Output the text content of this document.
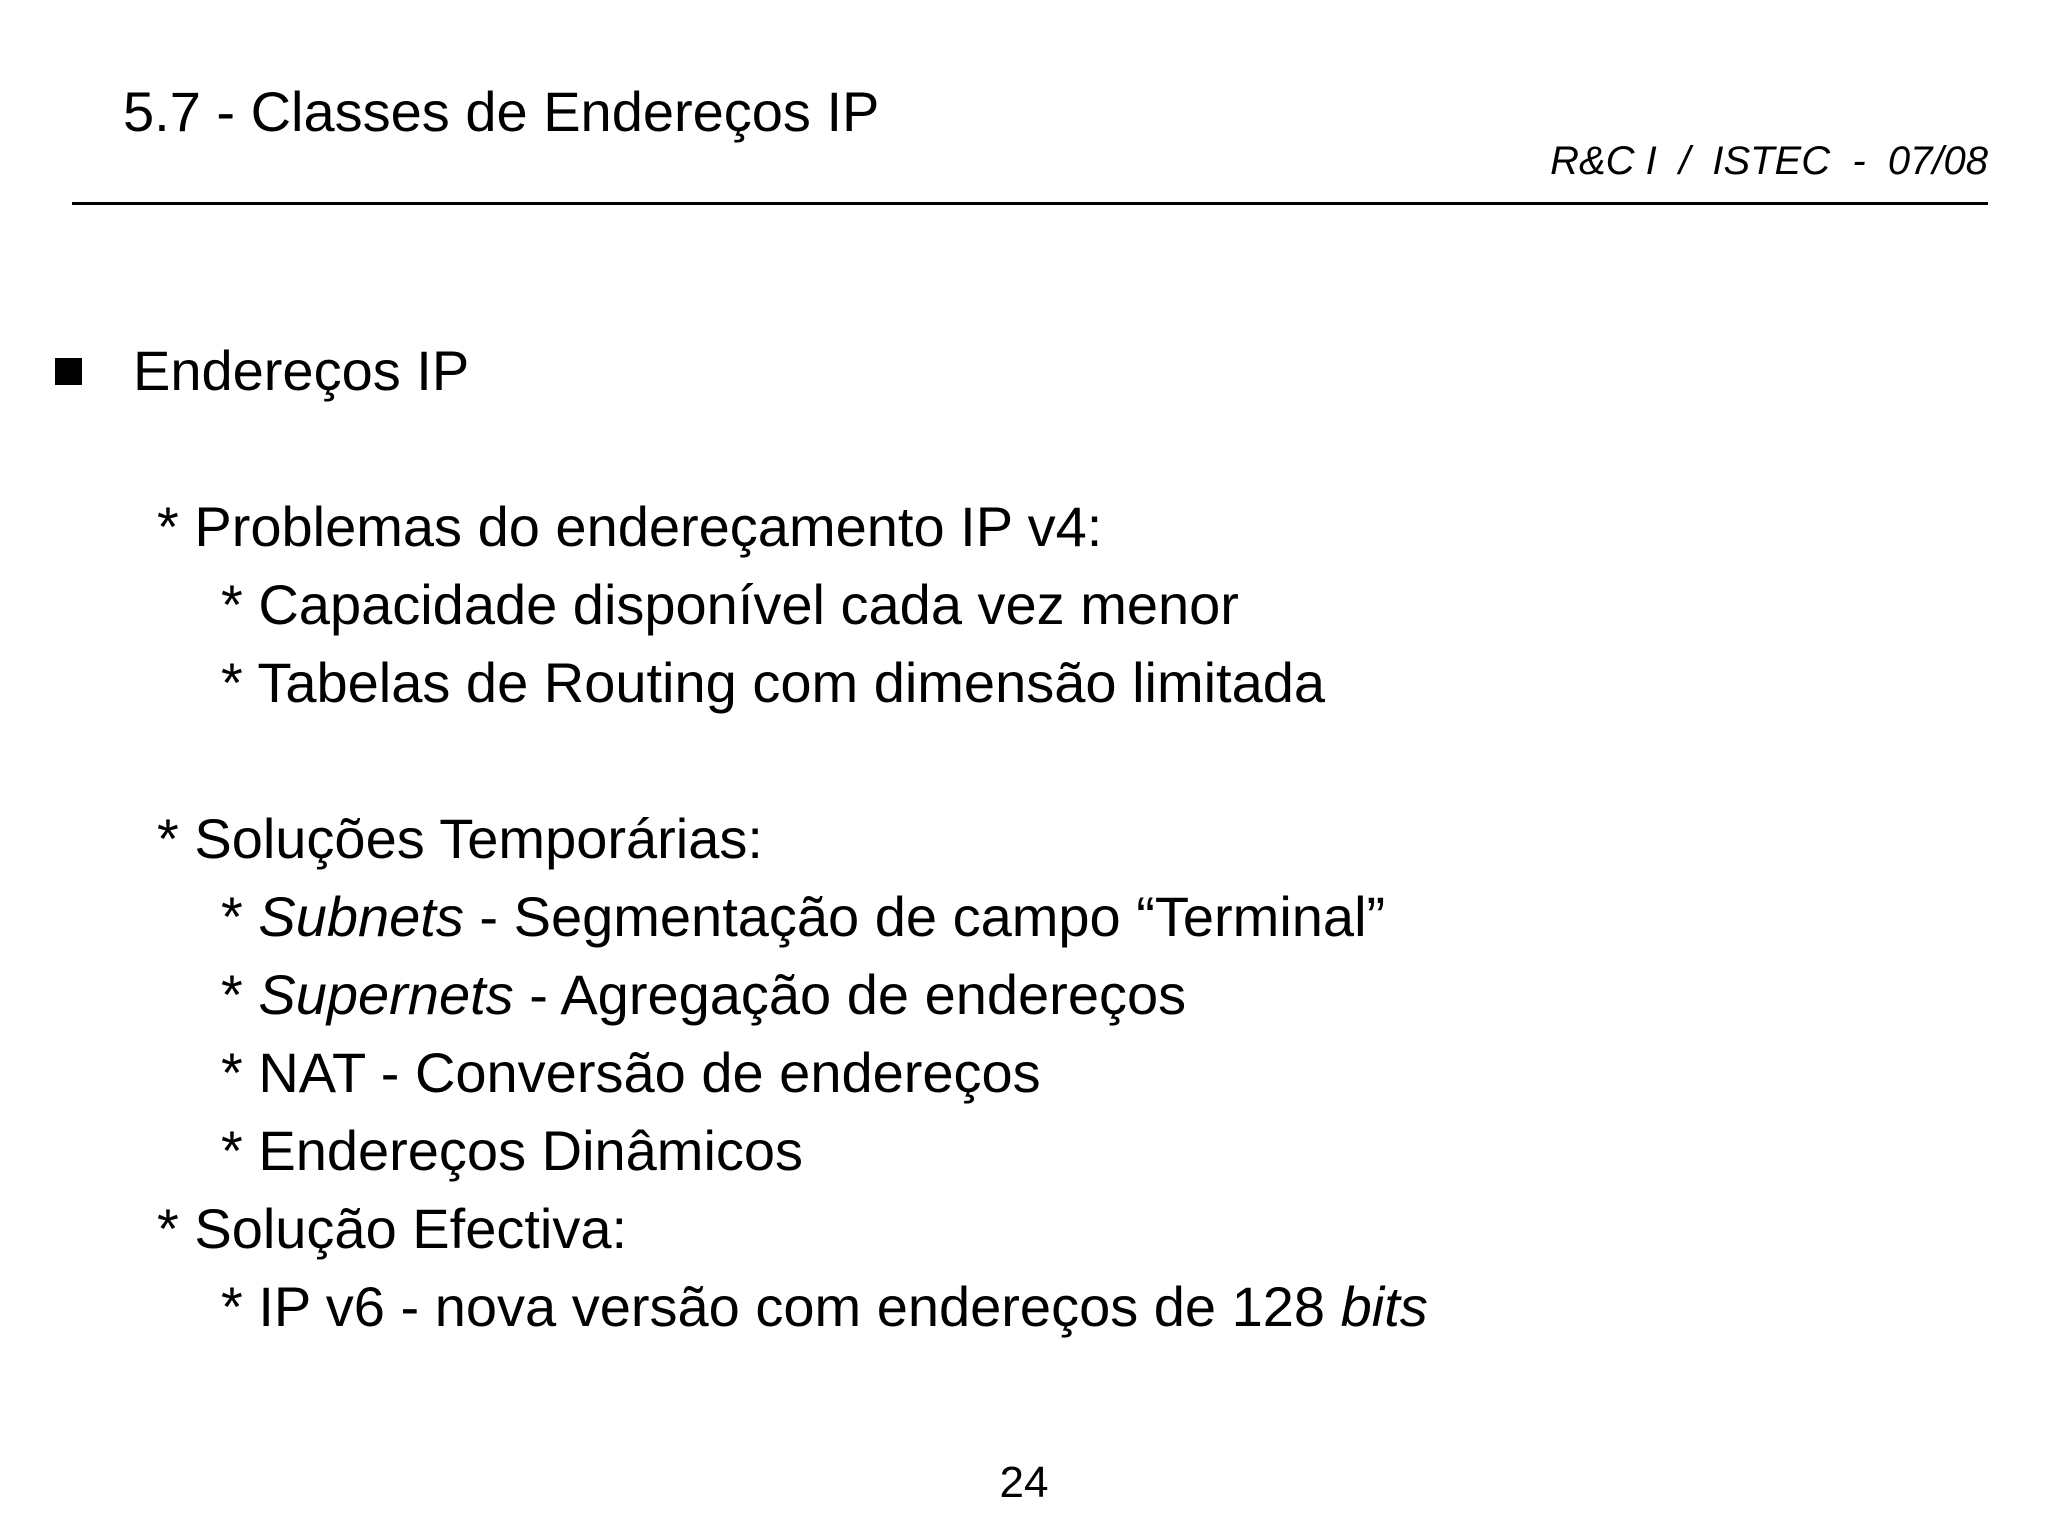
5.7 - Classes de Endereços IP
R&C I  /  ISTEC  -  07/08
Endereços IP
* Problemas do endereçamento IP v4:
* Capacidade disponível cada vez menor
* Tabelas de Routing com dimensão limitada
* Soluções Temporárias:
* Subnets - Segmentação de campo “Terminal”
* Supernets - Agregação de endereços
* NAT - Conversão de endereços
* Endereços Dinâmicos
* Solução Efectiva:
* IP v6 - nova versão com endereços de 128 bits
24
